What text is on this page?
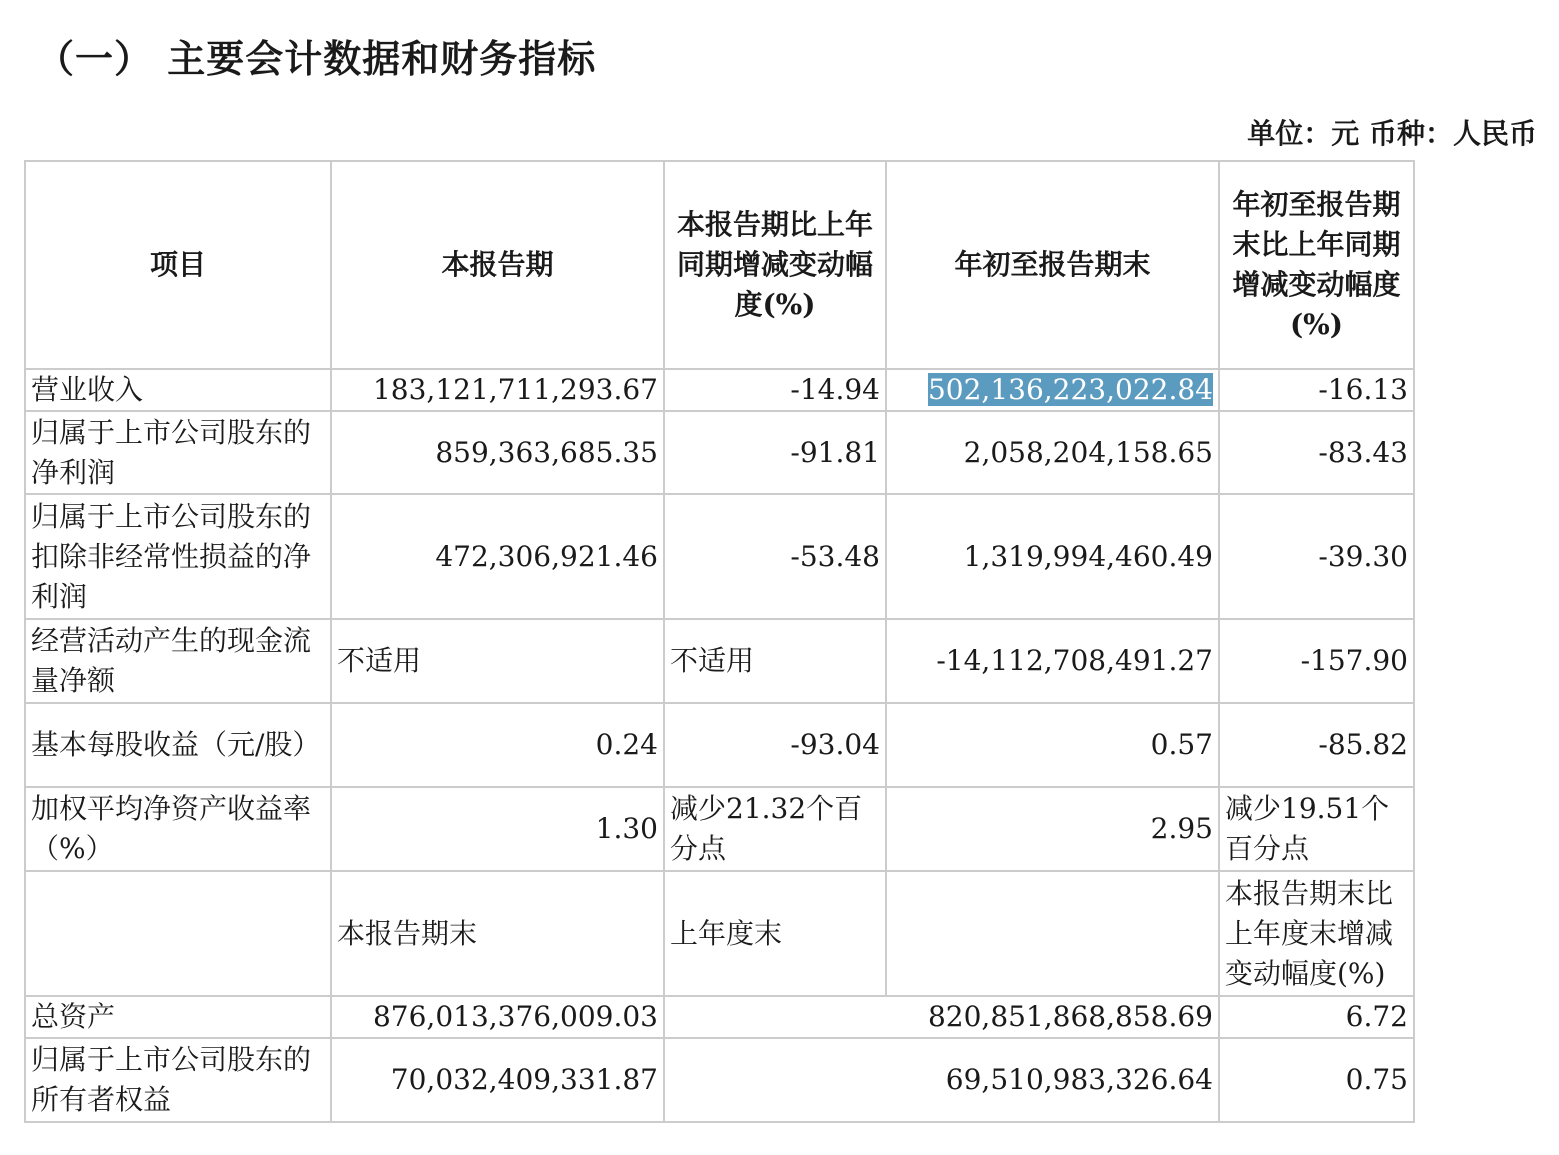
（一） 主要会计数据和财务指标
单位：元 币种：人民币
项目	本报告期	本报告期比上年同期增减变动幅度(%)	年初至报告期末	年初至报告期末比上年同期增减变动幅度(%)
营业收入	183,121,711,293.67	-14.94	502,136,223,022.84	-16.13
归属于上市公司股东的净利润	859,363,685.35	-91.81	2,058,204,158.65	-83.43
归属于上市公司股东的扣除非经常性损益的净利润	472,306,921.46	-53.48	1,319,994,460.49	-39.30
经营活动产生的现金流量净额	不适用	不适用	-14,112,708,491.27	-157.90
基本每股收益（元/股）	0.24	-93.04	0.57	-85.82
加权平均净资产收益率（%）	1.30	减少21.32个百分点	2.95	减少19.51个百分点
	本报告期末	上年度末		本报告期末比上年度末增减变动幅度(%)
总资产	876,013,376,009.03	820,851,868,858.69		6.72
归属于上市公司股东的所有者权益	70,032,409,331.87	69,510,983,326.64		0.75
